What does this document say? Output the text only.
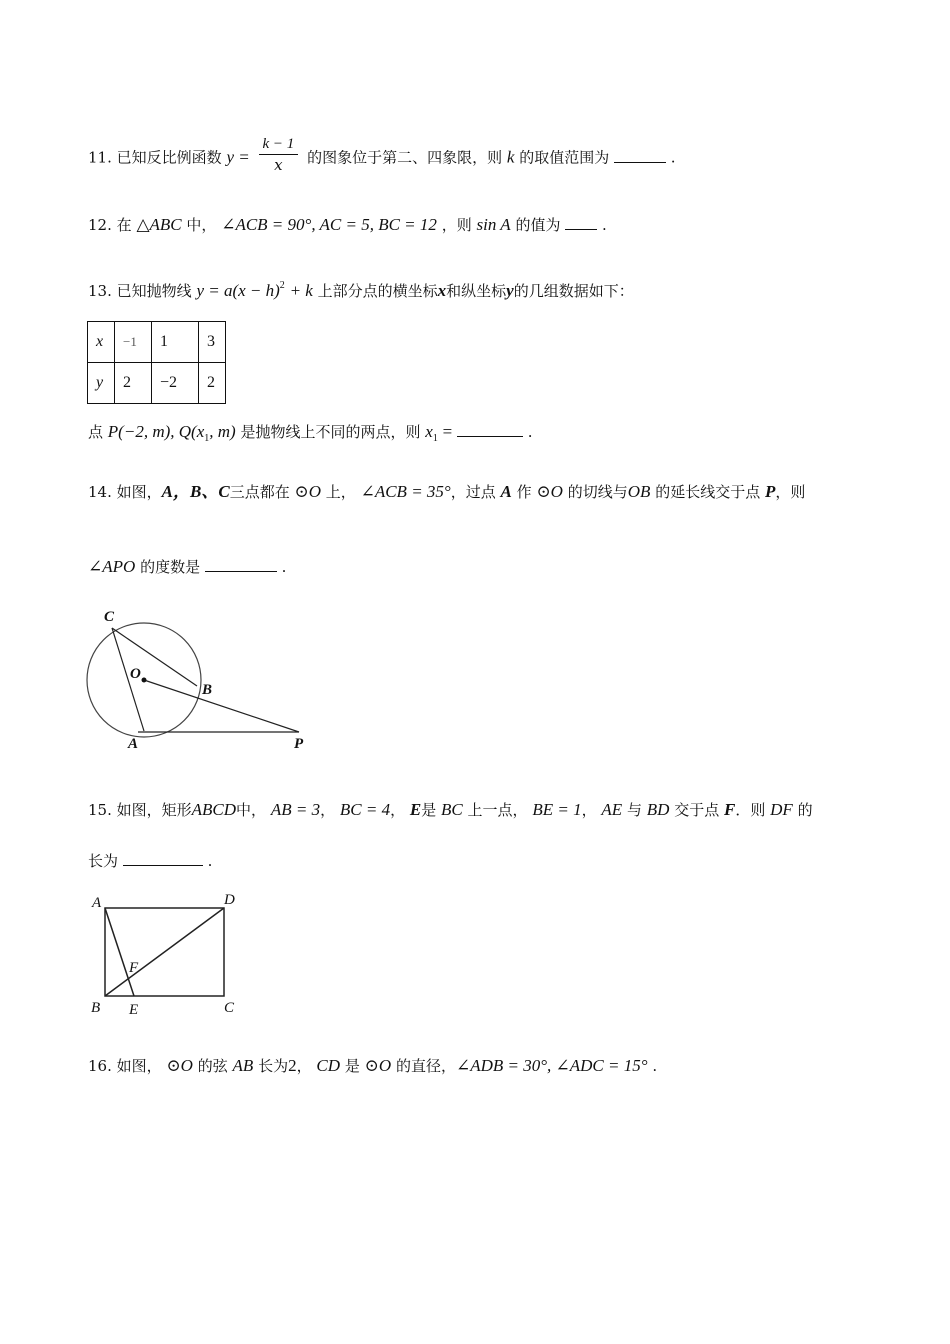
11. 已知反比例函数 $y = \frac{k - 1}{x}$ 的图象位于第二、四象限，则 k 的取值范围为	.
12. 在 △ABC 中， ∠ACB = 90°, AC = 5, BC = 12 ，则 sin A 的值为	.
13. 已知抛物线 $y = a(x - h)^2 + k$ 上部分点的横坐标x和纵坐标y的几组数据如下：
x	−1	1	3
y	2	−2	2
点 P(−2, m), $Q(x_1$, m) 是抛物线上不同的两点，则 $x_1$ =	.
14. 如图，A，B、C三点都在 ⊙O 上， ∠ACB = 35°，过点 A 作 ⊙O 的切线与OB 的延长线交于点 P，则
∠APO 的度数是	.
C
O
B
A	P
15. 如图，矩形ABCD中， AB = 3， BC = 4， E是 BC 上一点， BE = 1， AE 与 BD 交于点 F．则 DF 的
长为	.
A	D
F
B E	C
16. 如图， ⊙O 的弦 AB 长为2， CD 是 ⊙O 的直径，∠ADB = 30°, ∠ADC = 15° .
